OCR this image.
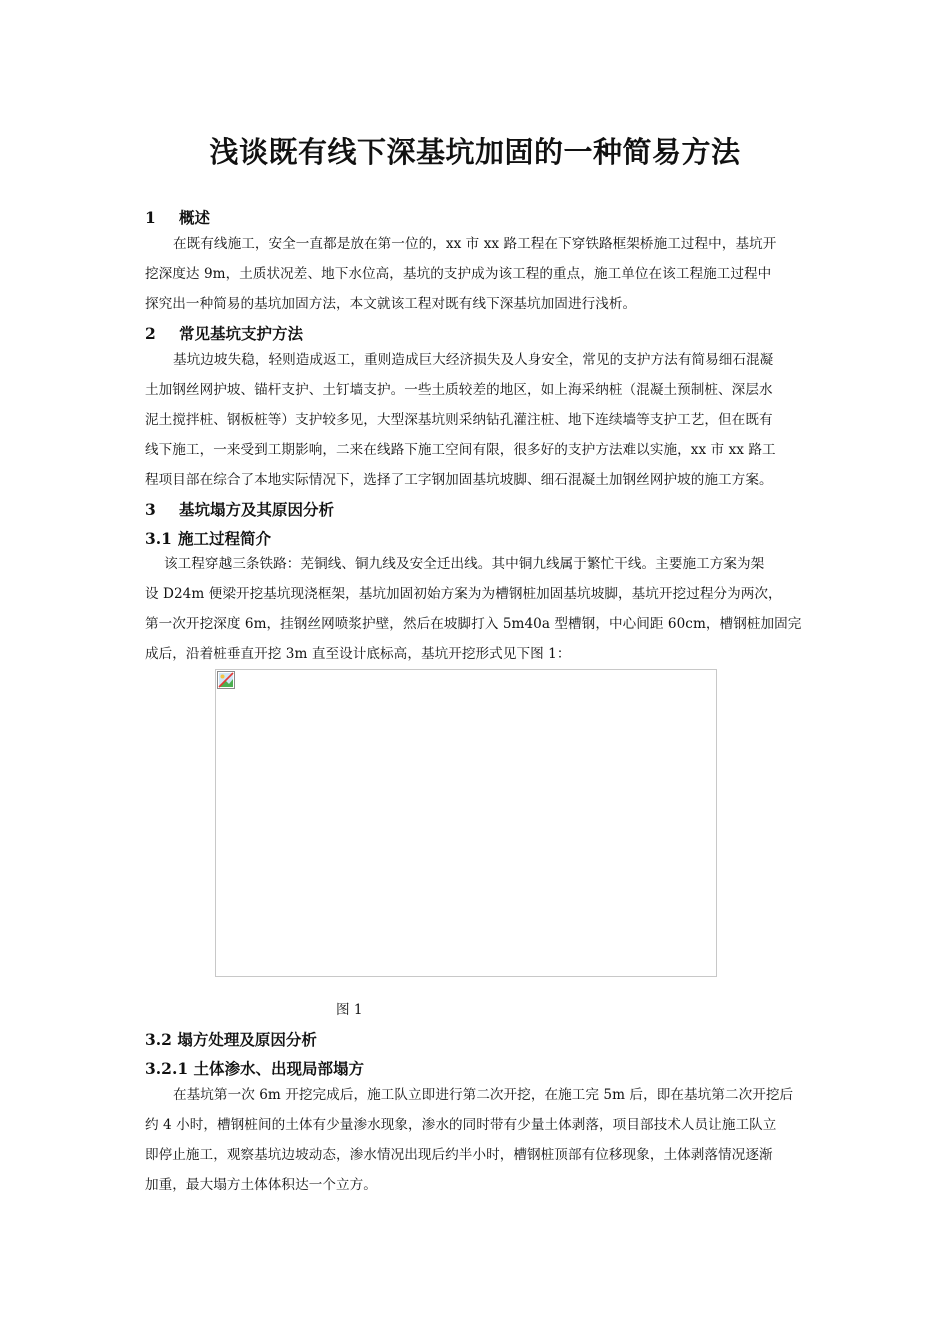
浅谈既有线下深基坑加固的一种简易方法
1 概述
在既有线施工，安全一直都是放在第一位的，xx 市 xx 路工程在下穿铁路框架桥施工过程中，基坑开
挖深度达 9m，土质状况差、地下水位高，基坑的支护成为该工程的重点，施工单位在该工程施工过程中
探究出一种简易的基坑加固方法，本文就该工程对既有线下深基坑加固进行浅析。
2 常见基坑支护方法
基坑边坡失稳，轻则造成返工，重则造成巨大经济损失及人身安全，常见的支护方法有简易细石混凝
土加钢丝网护坡、锚杆支护、土钉墙支护。一些土质较差的地区，如上海采纳桩（混凝土预制桩、深层水
泥土搅拌桩、钢板桩等）支护较多见，大型深基坑则采纳钻孔灌注桩、地下连续墙等支护工艺，但在既有
线下施工，一来受到工期影响，二来在线路下施工空间有限，很多好的支护方法难以实施，xx 市 xx 路工
程项目部在综合了本地实际情况下，选择了工字钢加固基坑坡脚、细石混凝土加钢丝网护坡的施工方案。
3 基坑塌方及其原因分析
3.1 施工过程简介
该工程穿越三条铁路：芜铜线、铜九线及安全迁出线。其中铜九线属于繁忙干线。主要施工方案为架
设 D24m 便梁开挖基坑现浇框架，基坑加固初始方案为为槽钢桩加固基坑坡脚，基坑开挖过程分为两次，
第一次开挖深度 6m，挂钢丝网喷浆护壁，然后在坡脚打入 5m40a 型槽钢，中心间距 60cm，槽钢桩加固完
成后，沿着桩垂直开挖 3m 直至设计底标高，基坑开挖形式见下图 1：
图 1
3.2 塌方处理及原因分析
3.2.1 土体渗水、出现局部塌方
在基坑第一次 6m 开挖完成后，施工队立即进行第二次开挖，在施工完 5m 后，即在基坑第二次开挖后
约 4 小时，槽钢桩间的土体有少量渗水现象，渗水的同时带有少量土体剥落，项目部技术人员让施工队立
即停止施工，观察基坑边坡动态，渗水情况出现后约半小时，槽钢桩顶部有位移现象，土体剥落情况逐渐
加重，最大塌方土体体积达一个立方。
